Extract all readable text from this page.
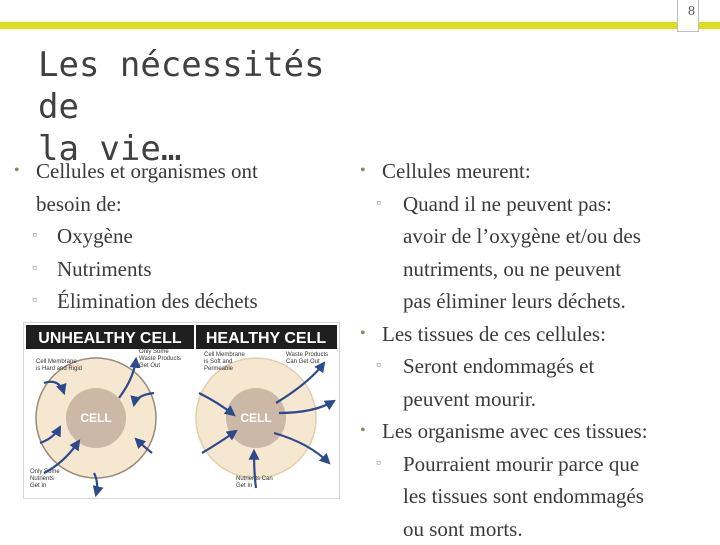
8
Les nécessités de
la vie…
• Cellules et organismes ont
besoin de:
▫ Oxygène
▫ Nutriments
▫ Élimination des déchets
• Cellules meurent:
▫ Quand il ne peuvent pas:
avoir de l’oxygène et/ou des
nutriments, ou ne peuvent
pas éliminer leurs déchets.
• Les tissues de ces cellules:
▫ Seront endommagés et
peuvent mourir.
• Les organisme avec ces tissues:
▫ Pourraient mourir parce que
les tissues sont endommagés
ou sont morts.
UNHEALTHY CELL HEALTHY CELL
CELL	CELL
Cell Membrane is Hard and Rigid
Only Some Waste Products Get Out
Only Some Nutrients Get In
Cell Membrane is Soft and Permeable
Waste Products Can Get Out
Nutrients Can Get In
